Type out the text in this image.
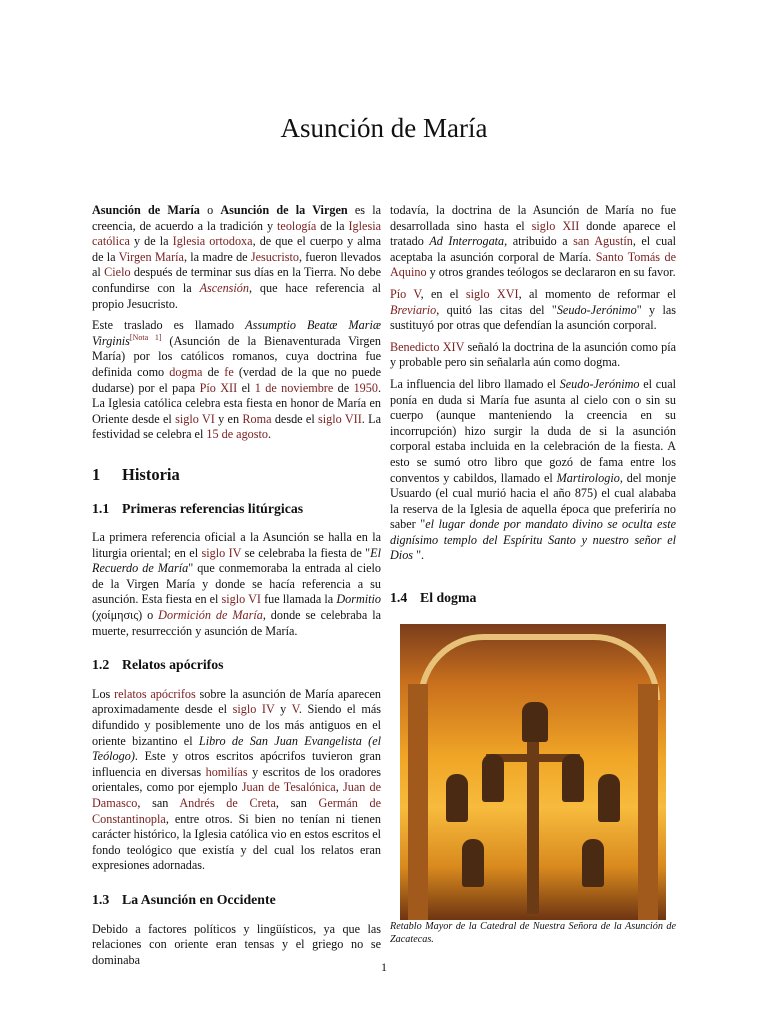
Asunción de María

Asunción de María o Asunción de la Virgen es la creencia, de acuerdo a la tradición y teología de la Iglesia católica y de la Iglesia ortodoxa, de que el cuerpo y alma de la Virgen María, la madre de Jesucristo, fueron llevados al Cielo después de terminar sus días en la Tierra. No debe confundirse con la Ascensión, que hace referencia al propio Jesucristo.

Este traslado es llamado Assumptio Beatæ Mariæ Virginis[Nota 1] (Asunción de la Bienaventurada Virgen María) por los católicos romanos, cuya doctrina fue definida como dogma de fe (verdad de la que no puede dudarse) por el papa Pío XII el 1 de noviembre de 1950. La Iglesia católica celebra esta fiesta en honor de María en Oriente desde el siglo VI y en Roma desde el siglo VII. La festividad se celebra el 15 de agosto.

1 Historia
1.1 Primeras referencias litúrgicas

La primera referencia oficial a la Asunción se halla en la liturgia oriental; en el siglo IV se celebraba la fiesta de "El Recuerdo de María" que conmemoraba la entrada al cielo de la Virgen María y donde se hacía referencia a su asunción. Esta fiesta en el siglo VI fue llamada la Dormitio (χοίμησις) o Dormición de María, donde se celebraba la muerte, resurrección y asunción de María.

1.2 Relatos apócrifos

Los relatos apócrifos sobre la asunción de María aparecen aproximadamente desde el siglo IV y V. Siendo el más difundido y posiblemente uno de los más antiguos en el oriente bizantino el Libro de San Juan Evangelista (el Teólogo). Este y otros escritos apócrifos tuvieron gran influencia en diversas homilías y escritos de los oradores orientales, como por ejemplo Juan de Tesalónica, Juan de Damasco, san Andrés de Creta, san Germán de Constantinopla, entre otros. Si bien no tenían ni tienen carácter histórico, la Iglesia católica vio en estos escritos el fondo teológico que existía y del cual los relatos eran expresiones adornadas.

1.3 La Asunción en Occidente

Debido a factores políticos y lingüísticos, ya que las relaciones con oriente eran tensas y el griego no se dominaba

todavía, la doctrina de la Asunción de María no fue desarrollada sino hasta el siglo XII donde aparece el tratado Ad Interrogata, atribuido a san Agustín, el cual aceptaba la asunción corporal de María. Santo Tomás de Aquino y otros grandes teólogos se declararon en su favor.

Pío V, en el siglo XVI, al momento de reformar el Breviario, quitó las citas del "Seudo-Jerónimo" y las sustituyó por otras que defendían la asunción corporal.

Benedicto XIV señaló la doctrina de la asunción como pía y probable pero sin señalarla aún como dogma.

La influencia del libro llamado el Seudo-Jerónimo el cual ponía en duda si María fue asunta al cielo con o sin su cuerpo (aunque manteniendo la creencia en su incorrupción) hizo surgir la duda de si la asunción corporal estaba incluida en la celebración de la fiesta. A esto se sumó otro libro que gozó de fama entre los conventos y cabildos, llamado el Martirologio, del monje Usuardo (el cual murió hacia el año 875) el cual alababa la reserva de la Iglesia de aquella época que preferiría no saber "el lugar donde por mandato divino se oculta este dignísimo templo del Espíritu Santo y nuestro señor el Dios ".

1.4 El dogma

Retablo Mayor de la Catedral de Nuestra Señora de la Asunción de Zacatecas.

1
